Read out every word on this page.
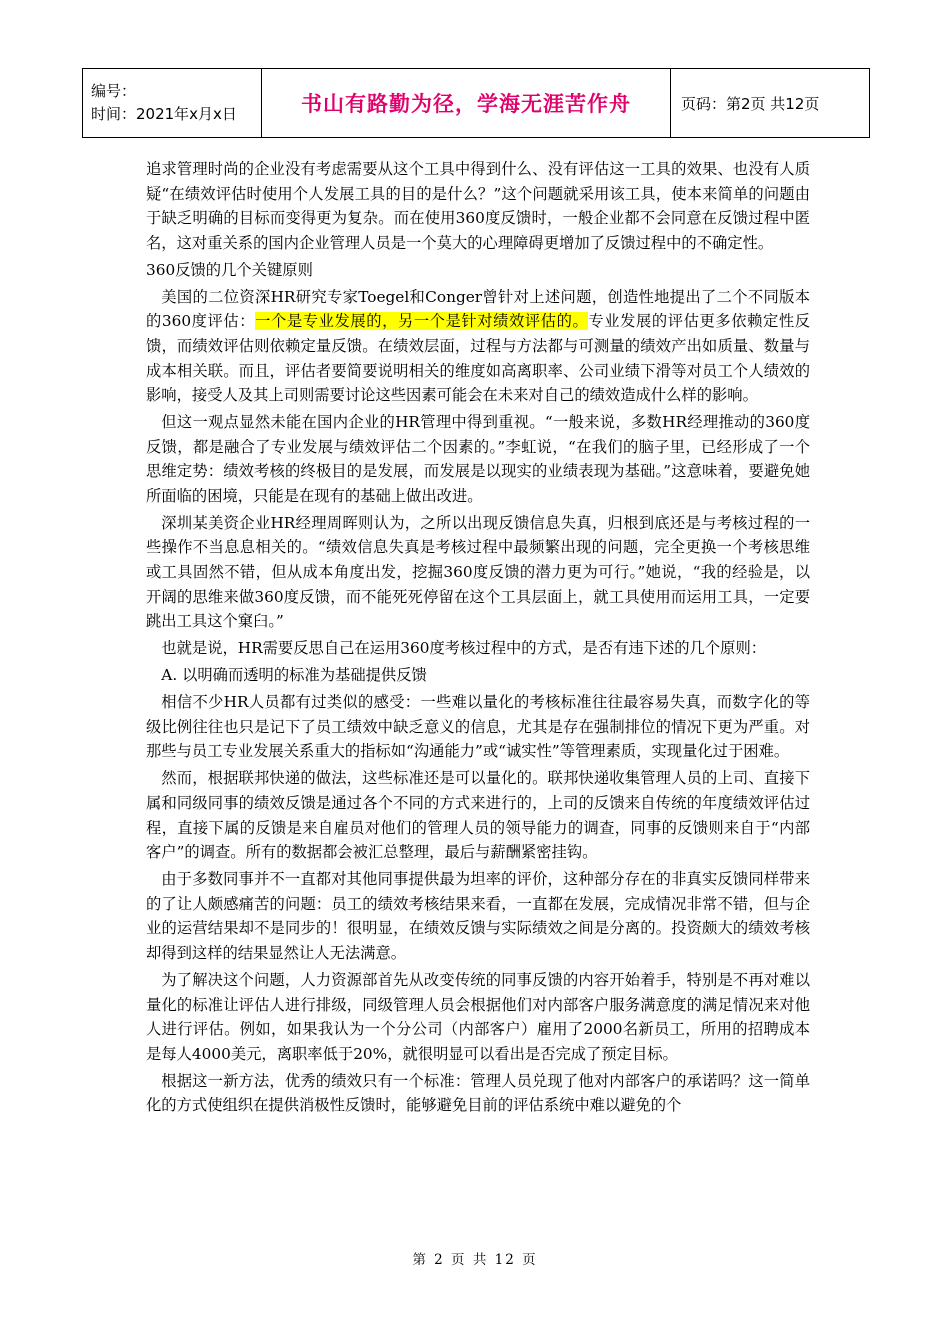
编号：
时间：2021年x月x日	书山有路勤为径，学海无涯苦作舟	页码：第2页 共12页

追求管理时尚的企业没有考虑需要从这个工具中得到什么、没有评估这一工具的效果、也没有人质疑“在绩效评估时使用个人发展工具的目的是什么？”这个问题就采用该工具，使本来简单的问题由于缺乏明确的目标而变得更为复杂。而在使用360度反馈时，一般企业都不会同意在反馈过程中匿名，这对重关系的国内企业管理人员是一个莫大的心理障碍更增加了反馈过程中的不确定性。

360反馈的几个关键原则

美国的二位资深HR研究专家Toegel和Conger曾针对上述问题，创造性地提出了二个不同版本的360度评估：一个是专业发展的，另一个是针对绩效评估的。专业发展的评估更多依赖定性反馈，而绩效评估则依赖定量反馈。在绩效层面，过程与方法都与可测量的绩效产出如质量、数量与成本相关联。而且，评估者要简要说明相关的维度如高离职率、公司业绩下滑等对员工个人绩效的影响，接受人及其上司则需要讨论这些因素可能会在未来对自己的绩效造成什么样的影响。

但这一观点显然未能在国内企业的HR管理中得到重视。“一般来说，多数HR经理推动的360度反馈，都是融合了专业发展与绩效评估二个因素的。”李虹说，“在我们的脑子里，已经形成了一个思维定势：绩效考核的终极目的是发展，而发展是以现实的业绩表现为基础。”这意味着，要避免她所面临的困境，只能是在现有的基础上做出改进。

深圳某美资企业HR经理周晖则认为，之所以出现反馈信息失真，归根到底还是与考核过程的一些操作不当息息相关的。“绩效信息失真是考核过程中最频繁出现的问题，完全更换一个考核思维或工具固然不错，但从成本角度出发，挖掘360度反馈的潜力更为可行。”她说，“我的经验是，以开阔的思维来做360度反馈，而不能死死停留在这个工具层面上，就工具使用而运用工具，一定要跳出工具这个窠臼。”

也就是说，HR需要反思自己在运用360度考核过程中的方式，是否有违下述的几个原则：

A. 以明确而透明的标准为基础提供反馈

相信不少HR人员都有过类似的感受：一些难以量化的考核标准往往最容易失真，而数字化的等级比例往往也只是记下了员工绩效中缺乏意义的信息，尤其是存在强制排位的情况下更为严重。对那些与员工专业发展关系重大的指标如“沟通能力”或“诚实性”等管理素质，实现量化过于困难。

然而，根据联邦快递的做法，这些标准还是可以量化的。联邦快递收集管理人员的上司、直接下属和同级同事的绩效反馈是通过各个不同的方式来进行的，上司的反馈来自传统的年度绩效评估过程，直接下属的反馈是来自雇员对他们的管理人员的领导能力的调查，同事的反馈则来自于“内部客户”的调查。所有的数据都会被汇总整理，最后与薪酬紧密挂钩。

由于多数同事并不一直都对其他同事提供最为坦率的评价，这种部分存在的非真实反馈同样带来的了让人颇感痛苦的问题：员工的绩效考核结果来看，一直都在发展，完成情况非常不错，但与企业的运营结果却不是同步的！很明显，在绩效反馈与实际绩效之间是分离的。投资颇大的绩效考核却得到这样的结果显然让人无法满意。

为了解决这个问题，人力资源部首先从改变传统的同事反馈的内容开始着手，特别是不再对难以量化的标准让评估人进行排级，同级管理人员会根据他们对内部客户服务满意度的满足情况来对他人进行评估。例如，如果我认为一个分公司（内部客户）雇用了2000名新员工，所用的招聘成本是每人4000美元，离职率低于20%，就很明显可以看出是否完成了预定目标。

根据这一新方法，优秀的绩效只有一个标准：管理人员兑现了他对内部客户的承诺吗？这一简单化的方式使组织在提供消极性反馈时，能够避免目前的评估系统中难以避免的个

第 2 页 共 12 页
